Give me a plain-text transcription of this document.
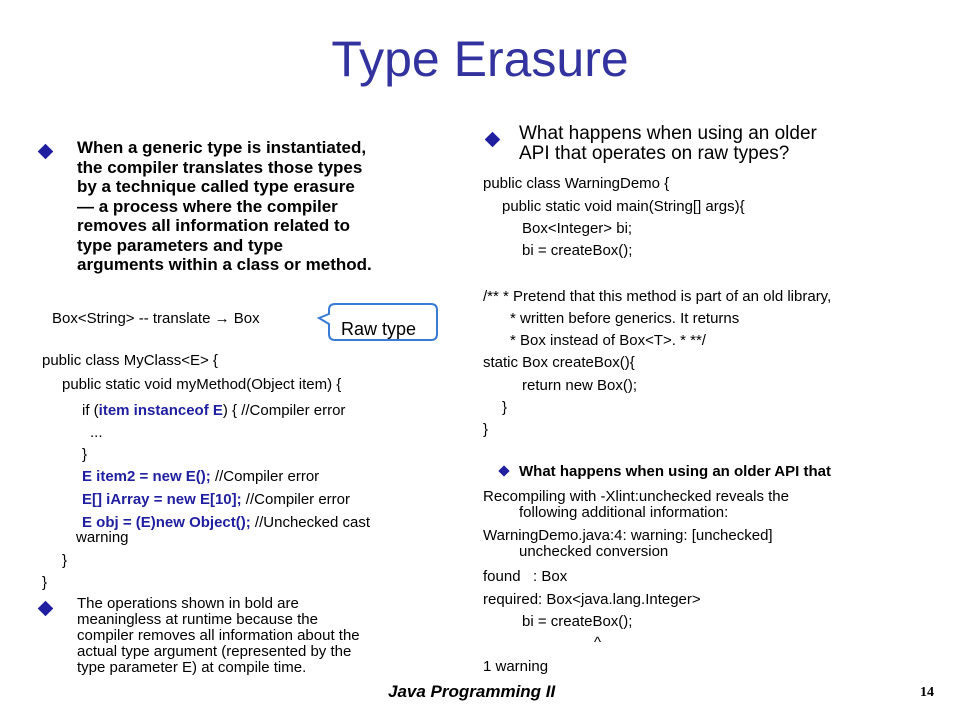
Type Erasure
When a generic type is instantiated,
the compiler translates those types
by a technique called type erasure
— a process where the compiler
removes all information related to
type parameters and type
arguments within a class or method.
Box<String> -- translate → Box
Raw type
public class MyClass<E> {
public static void myMethod(Object item) {
if (item instanceof E) { //Compiler error
...
}
E item2 = new E(); //Compiler error
E[] iArray = new E[10]; //Compiler error
E obj = (E)new Object(); //Unchecked cast
warning
}
}
The operations shown in bold are
meaningless at runtime because the
compiler removes all information about the
actual type argument (represented by the
type parameter E) at compile time.
What happens when using an older
API that operates on raw types?
public class WarningDemo {
public static void main(String[] args){
Box<Integer> bi;
bi = createBox();
/** * Pretend that this method is part of an old library,
* written before generics. It returns
* Box instead of Box<T>. * **/
static Box createBox(){
return new Box();
}
}
What happens when using an older API that
Recompiling with -Xlint:unchecked reveals the
following additional information:
WarningDemo.java:4: warning: [unchecked]
unchecked conversion
found   : Box
required: Box<java.lang.Integer>
bi = createBox();
^
1 warning
Java Programming II	14
